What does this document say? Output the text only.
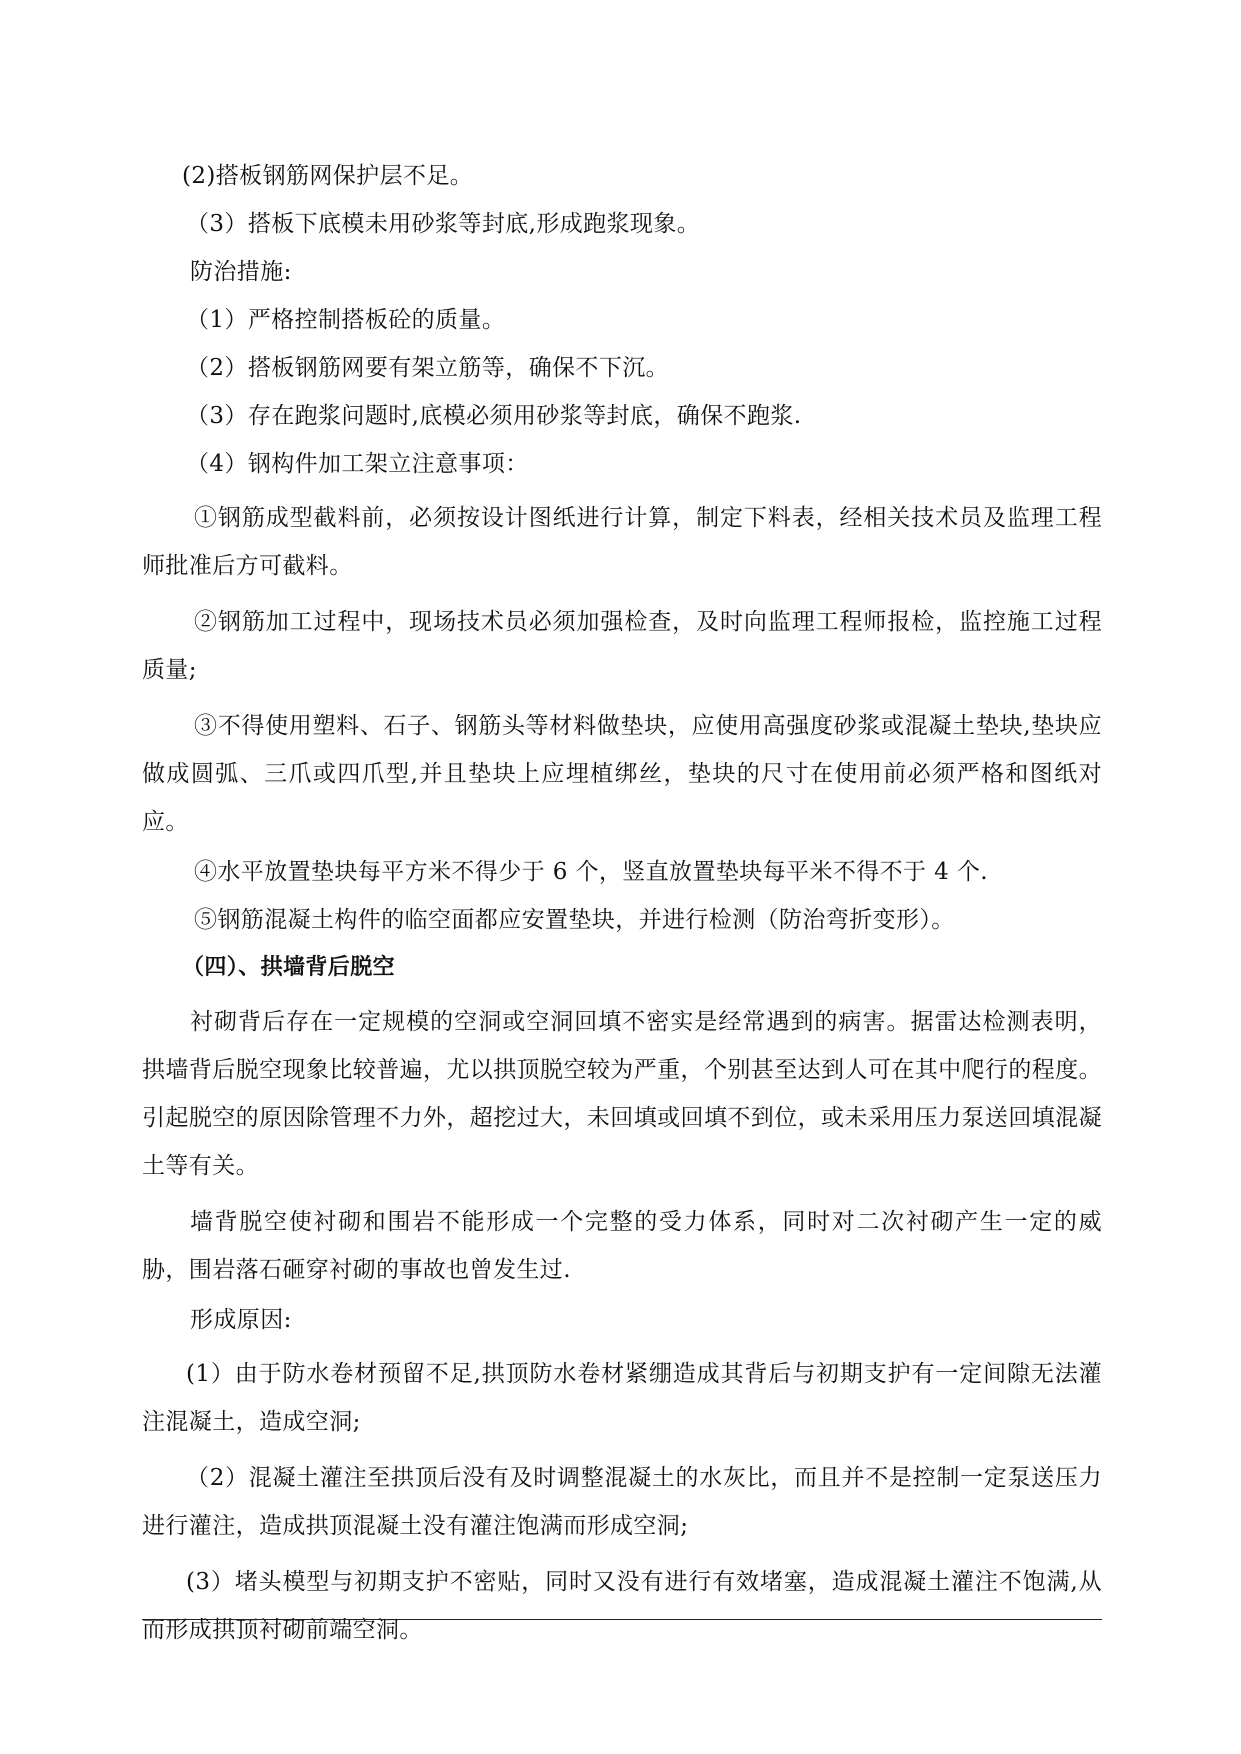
(2)搭板钢筋网保护层不足。

（3）搭板下底模未用砂浆等封底,形成跑浆现象。

防治措施:

（1）严格控制搭板砼的质量。

（2）搭板钢筋网要有架立筋等，确保不下沉。

（3）存在跑浆问题时,底模必须用砂浆等封底，确保不跑浆.

（4）钢构件加工架立注意事项：

①钢筋成型截料前，必须按设计图纸进行计算，制定下料表，经相关技术员及监理工程师批准后方可截料。

②钢筋加工过程中，现场技术员必须加强检查，及时向监理工程师报检，监控施工过程质量;

③不得使用塑料、石子、钢筋头等材料做垫块，应使用高强度砂浆或混凝土垫块,垫块应做成圆弧、三爪或四爪型,并且垫块上应埋植绑丝，垫块的尺寸在使用前必须严格和图纸对应。

④水平放置垫块每平方米不得少于 6 个，竖直放置垫块每平米不得不于 4 个.

⑤钢筋混凝土构件的临空面都应安置垫块，并进行检测（防治弯折变形）。

（四）、拱墙背后脱空

衬砌背后存在一定规模的空洞或空洞回填不密实是经常遇到的病害。据雷达检测表明，拱墙背后脱空现象比较普遍，尤以拱顶脱空较为严重，个别甚至达到人可在其中爬行的程度。引起脱空的原因除管理不力外，超挖过大，未回填或回填不到位，或未采用压力泵送回填混凝土等有关。

墙背脱空使衬砌和围岩不能形成一个完整的受力体系，同时对二次衬砌产生一定的威胁，围岩落石砸穿衬砌的事故也曾发生过.

形成原因:

(1）由于防水卷材预留不足,拱顶防水卷材紧绷造成其背后与初期支护有一定间隙无法灌注混凝土，造成空洞;

（2）混凝土灌注至拱顶后没有及时调整混凝土的水灰比，而且并不是控制一定泵送压力进行灌注，造成拱顶混凝土没有灌注饱满而形成空洞;

(3）堵头模型与初期支护不密贴，同时又没有进行有效堵塞，造成混凝土灌注不饱满,从而形成拱顶衬砌前端空洞。
